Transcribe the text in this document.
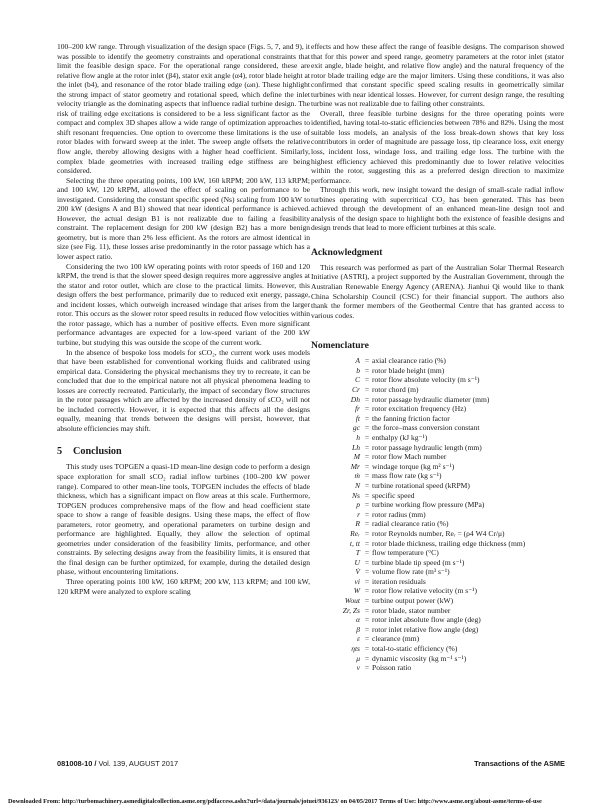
100–200 kW range. Through visualization of the design space (Figs. 5, 7, and 9), it was possible to identify the geometry constraints and operational constraints that limit the feasible design space. For the operational range considered, these are relative flow angle at the rotor inlet (β4), stator exit angle (α4), rotor blade height at the inlet (b4), and resonance of the rotor blade trailing edge (ωn). These highlight the strong impact of stator geometry and rotational speed, which define the inlet velocity triangle as the dominating aspects that influence radial turbine design. The risk of trailing edge excitations is considered to be a less significant factor as the compact and complex 3D shapes allow a wide range of optimization approaches to shift resonant frequencies. One option to overcome these limitations is the use of rotor blades with forward sweep at the inlet. The sweep angle offsets the relative flow angle, thereby allowing designs with a higher head coefficient. Similarly, complex blade geometries with increased trailing edge stiffness are being considered.

Selecting the three operating points, 100 kW, 160 kRPM; 200 kW, 113 kRPM; and 100 kW, 120 kRPM, allowed the effect of scaling on performance to be investigated. Considering the constant specific speed (Ns) scaling from 100 kW to 200 kW (designs A and B1) showed that near identical performance is achieved. However, the actual design B1 is not realizable due to failing a feasibility constraint. The replacement design for 200 kW (design B2) has a more benign geometry, but is more than 2% less efficient. As the rotors are almost identical in size (see Fig. 11), these losses arise predominantly in the rotor passage which has a lower aspect ratio.

Considering the two 100 kW operating points with rotor speeds of 160 and 120 kRPM, the trend is that the slower speed design requires more aggressive angles at the stator and rotor outlet, which are close to the practical limits. However, this design offers the best performance, primarily due to reduced exit energy, passage, and incident losses, which outweigh increased windage that arises from the larger rotor. This occurs as the slower rotor speed results in reduced flow velocities within the rotor passage, which has a number of positive effects. Even more significant performance advantages are expected for a low-speed variant of the 200 kW turbine, but studying this was outside the scope of the current work.

In the absence of bespoke loss models for sCO₂, the current work uses models that have been established for conventional working fluids and calibrated using empirical data. Considering the physical mechanisms they try to recreate, it can be concluded that due to the empirical nature not all physical phenomena leading to losses are correctly recreated. Particularly, the impact of secondary flow structures in the rotor passages which are affected by the increased density of sCO₂ will not be included correctly. However, it is expected that this affects all the designs equally, meaning that trends between the designs will persist, however, that absolute efficiencies may shift.

5 Conclusion

This study uses TOPGEN a quasi-1D mean-line design code to perform a design space exploration for small sCO₂ radial inflow turbines (100–200 kW power range). Compared to other mean-line tools, TOPGEN includes the effects of blade thickness, which has a significant impact on flow areas at this scale. Furthermore, TOPGEN produces comprehensive maps of the flow and head coefficient state space to show a range of feasible designs. Using these maps, the effect of flow parameters, rotor geometry, and operational parameters on turbine design and performance are highlighted. Equally, they allow the selection of optimal geometries under consideration of the feasibility limits, performance, and other constraints. By selecting designs away from the feasibility limits, it is ensured that the final design can be further optimized, for example, during the detailed design phase, without encountering limitations.

Three operating points 100 kW, 160 kRPM; 200 kW, 113 kRPM; and 100 kW, 120 kRPM were analyzed to explore scaling

effects and how these affect the range of feasible designs. The comparison showed that for this power and speed range, geometry parameters at the rotor inlet (stator exit angle, blade height, and relative flow angle) and the natural frequency of the rotor blade trailing edge are the major limiters. Using these conditions, it was also confirmed that constant specific speed scaling results in geometrically similar turbines with near identical losses. However, for current design range, the resulting turbine was not realizable due to failing other constraints.

Overall, three feasible turbine designs for the three operating points were identified, having total-to-static efficiencies between 78% and 82%. Using the most suitable loss models, an analysis of the loss break-down shows that key loss contributors in order of magnitude are passage loss, tip clearance loss, exit energy loss, incident loss, windage loss, and trailing edge loss. The turbine with the highest efficiency achieved this predominantly due to lower relative velocities within the rotor, suggesting this as a preferred design direction to maximize performance.

Through this work, new insight toward the design of small-scale radial inflow turbines operating with supercritical CO₂ has been generated. This has been achieved through the development of an enhanced mean-line design tool and analysis of the design space to highlight both the existence of feasible designs and design trends that lead to more efficient turbines at this scale.

Acknowledgment

This research was performed as part of the Australian Solar Thermal Research Initiative (ASTRI), a project supported by the Australian Government, through the Australian Renewable Energy Agency (ARENA). Jianhui Qi would like to thank China Scholarship Council (CSC) for their financial support. The authors also thank the former members of the Geothermal Centre that has granted access to various codes.

Nomenclature
A = axial clearance ratio (%)
b = rotor blade height (mm)
C = rotor flow absolute velocity (m s⁻¹)
Cr = rotor chord (m)
Dh = rotor passage hydraulic diameter (mm)
fr = rotor excitation frequency (Hz)
ft = the fanning friction factor
gc = the force–mass conversion constant
h = enthalpy (kJ kg⁻¹)
Lh = rotor passage hydraulic length (mm)
M = rotor flow Mach number
Mr = windage torque (kg m² s⁻¹)
ṁ = mass flow rate (kg s⁻¹)
N = turbine rotational speed (kRPM)
Ns = specific speed
p = turbine working flow pressure (MPa)
r = rotor radius (mm)
R = radial clearance ratio (%)
Reᵣ = rotor Reynolds number, Reᵣ = (ρ4 W4 Cr/μ)
t, tt = rotor blade thickness, trailing edge thickness (mm)
T = flow temperature (°C)
U = turbine blade tip speed (m s⁻¹)
V̇ = volume flow rate (m³ s⁻¹)
νi = iteration residuals
W = rotor flow relative velocity (m s⁻¹)
Wout = turbine output power (kW)
Zr, Zs = rotor blade, stator number
α = rotor inlet absolute flow angle (deg)
β = rotor inlet relative flow angle (deg)
ε = clearance (mm)
ηts = total-to-static efficiency (%)
μ = dynamic viscosity (kg m⁻¹ s⁻¹)
ν = Poisson ratio
081008-10 / Vol. 139, AUGUST 2017	Transactions of the ASME
Downloaded From: http://turbomachinery.asmedigitalcollection.asme.org/pdfaccess.ashx?url=/data/journals/jotuei/936123/ on 04/05/2017 Terms of Use: http://www.asme.org/about-asme/terms-of-use
